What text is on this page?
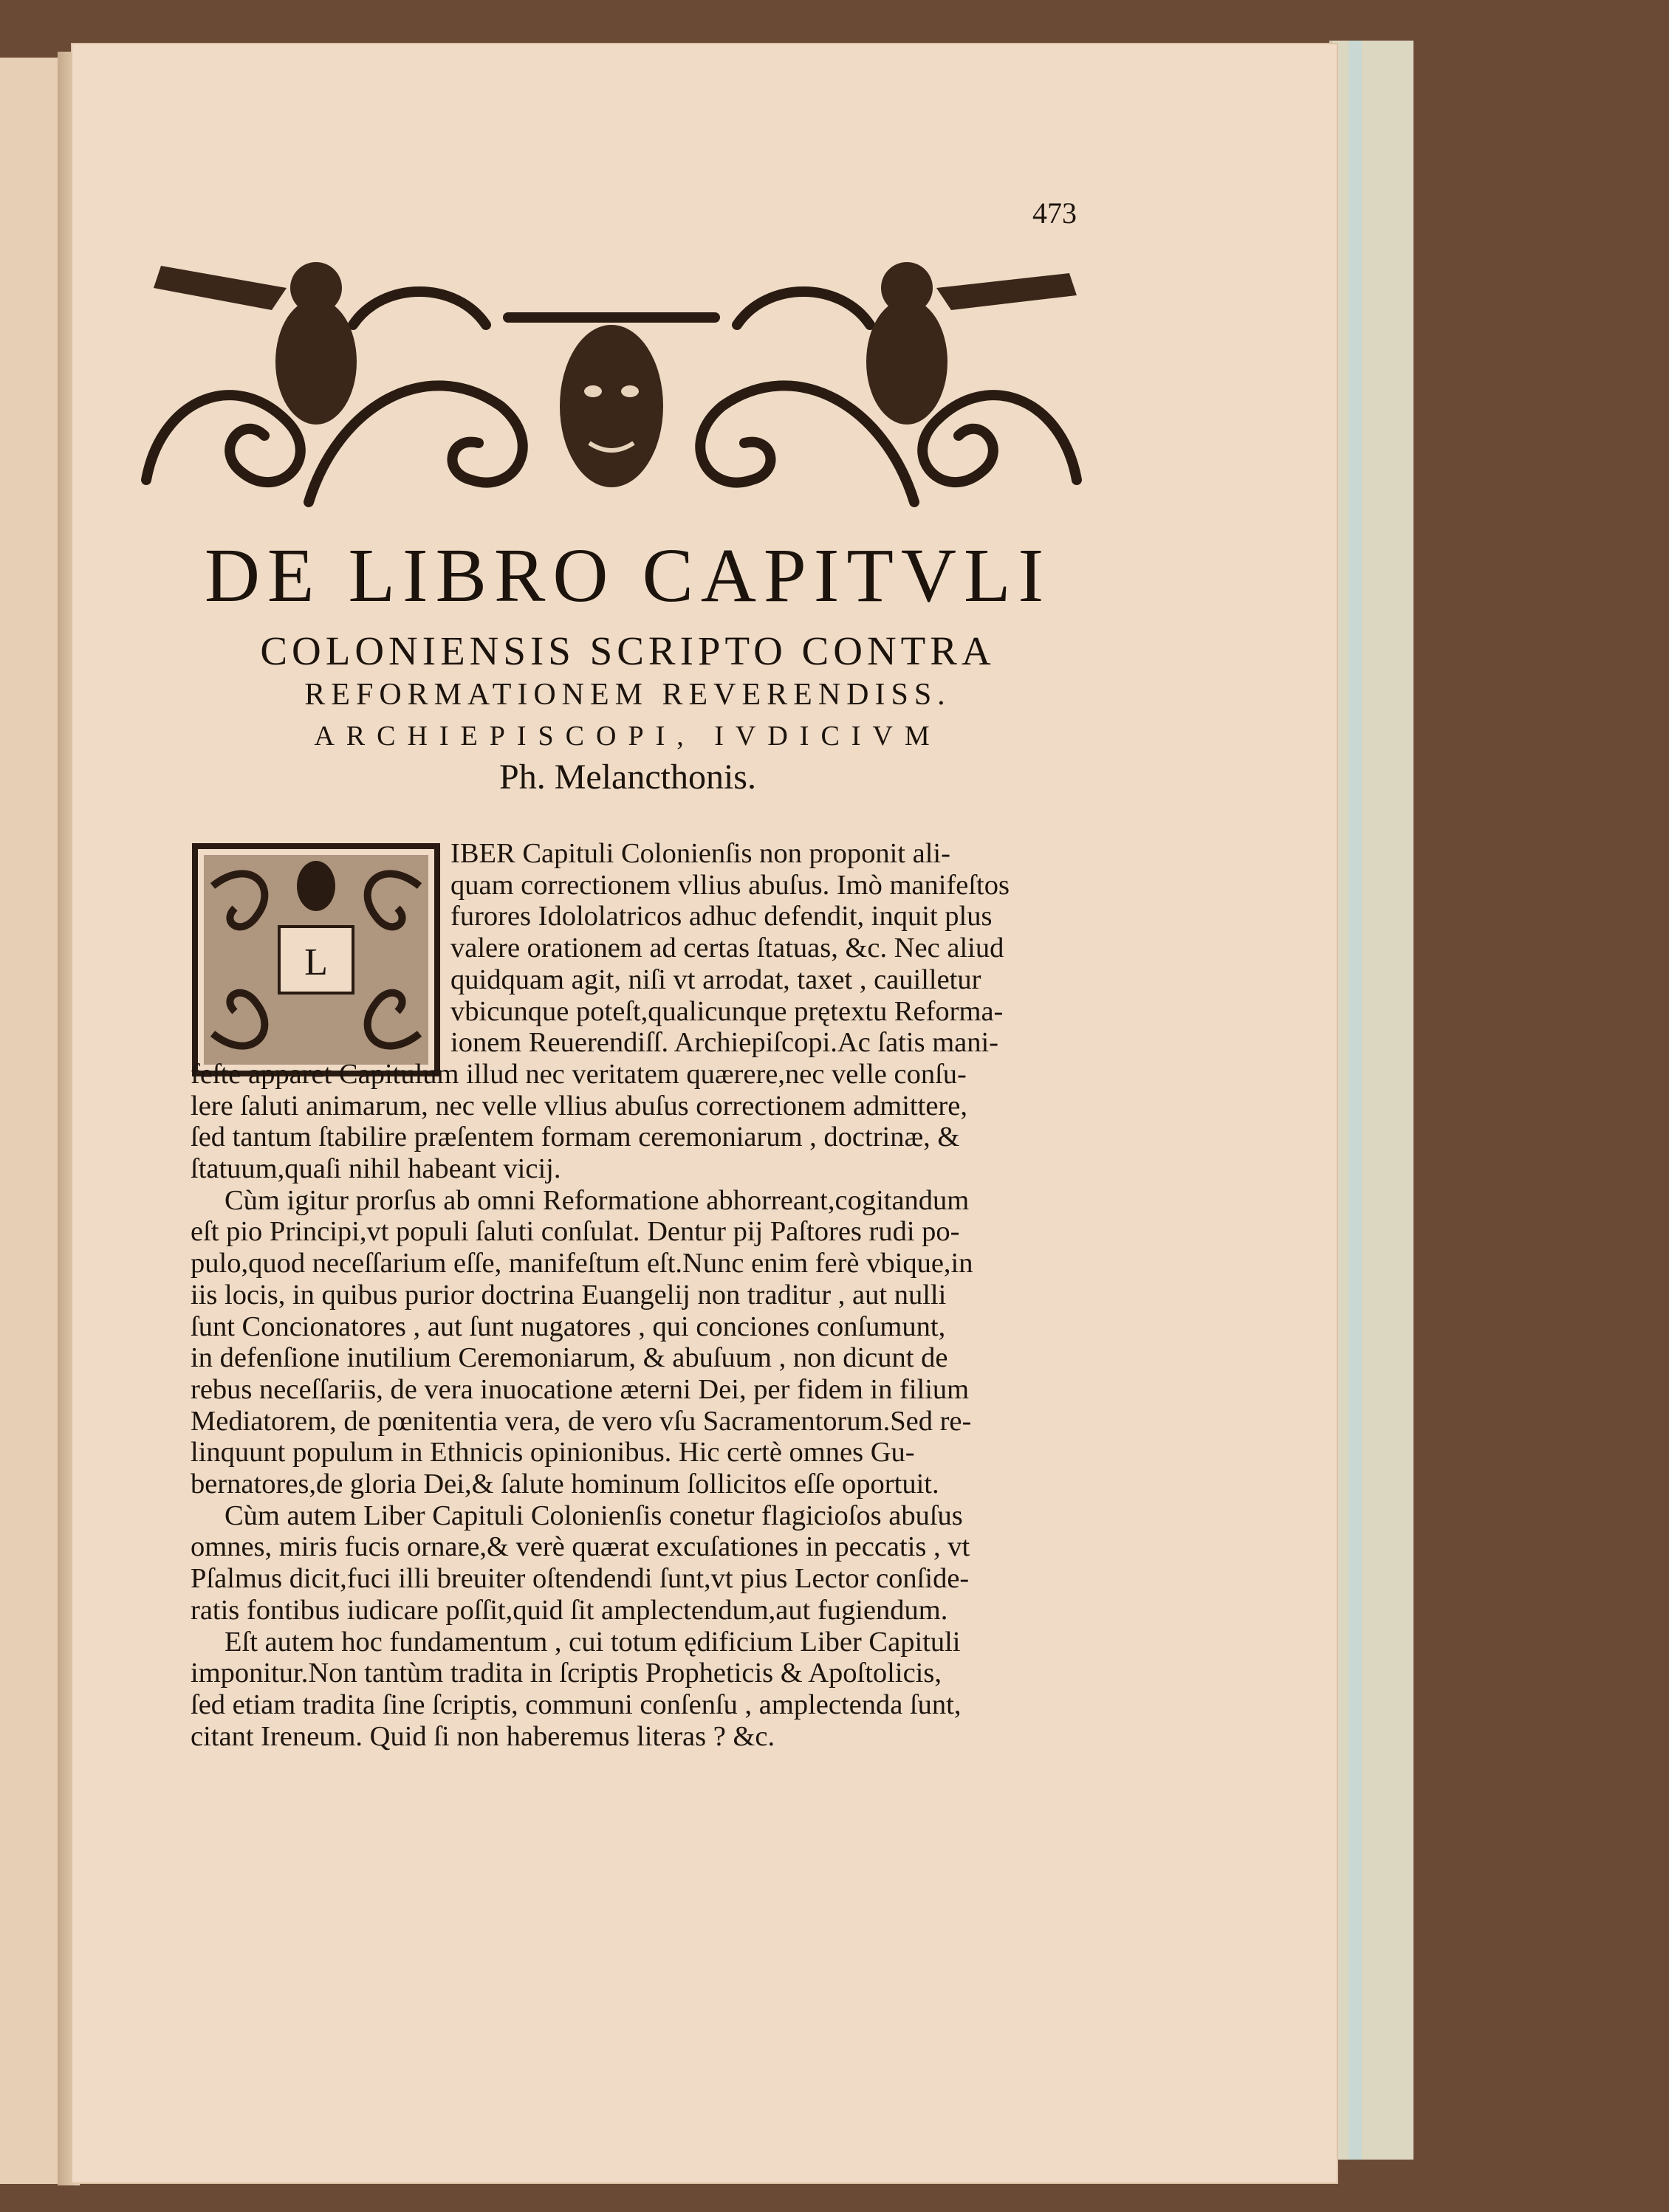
473
DE LIBRO CAPITVLI
COLONIENSIS SCRIPTO CONTRA
REFORMATIONEM REVERENDISS.
ARCHIEPISCOPI, IVDICIVM
Ph. Melancthonis.
L

IBER Capituli Colonienſis non proponit ali-
quam correctionem vllius abuſus. Imò manifeſtos
furores Idololatricos adhuc defendit, inquit plus
valere orationem ad certas ſtatuas, &c. Nec aliud
quidquam agit, niſi vt arrodat, taxet , cauilletur
vbicunque poteſt,qualicunque prętextu Reforma-
ionem Reuerendiſſ. Archiepiſcopi.Ac ſatis mani-
feſte apparet Capitulum illud nec veritatem quærere,nec velle conſu-
lere ſaluti animarum, nec velle vllius abuſus correctionem admittere,
ſed tantum ſtabilire præſentem formam ceremoniarum , doctrinæ, &
ſtatuum,quaſi nihil habeant vicij.

Cùm igitur prorſus ab omni Reformatione abhorreant,cogitandum
eſt pio Principi,vt populi ſaluti conſulat. Dentur pij Paſtores rudi po-
pulo,quod neceſſarium eſſe, manifeſtum eſt.Nunc enim ferè vbique,in
iis locis, in quibus purior doctrina Euangelij non traditur , aut nulli
ſunt Concionatores , aut ſunt nugatores , qui conciones conſumunt,
in defenſione inutilium Ceremoniarum, & abuſuum , non dicunt de
rebus neceſſariis, de vera inuocatione æterni Dei, per fidem in filium
Mediatorem, de pœnitentia vera, de vero vſu Sacramentorum.Sed re-
linquunt populum in Ethnicis opinionibus. Hic certè omnes Gu-
bernatores,de gloria Dei,& ſalute hominum ſollicitos eſſe oportuit.

Cùm autem Liber Capituli Colonienſis conetur flagicioſos abuſus
omnes, miris fucis ornare,& verè quærat excuſationes in peccatis , vt
Pſalmus dicit,fuci illi breuiter oſtendendi ſunt,vt pius Lector conſide-
ratis fontibus iudicare poſſit,quid ſit amplectendum,aut fugiendum.

Eſt autem hoc fundamentum , cui totum ędificium Liber Capituli
imponitur.Non tantùm tradita in ſcriptis Propheticis & Apoſtolicis,
ſed etiam tradita ſine ſcriptis, communi conſenſu , amplectenda ſunt,
citant Ireneum. Quid ſi non haberemus literas ? &c.
